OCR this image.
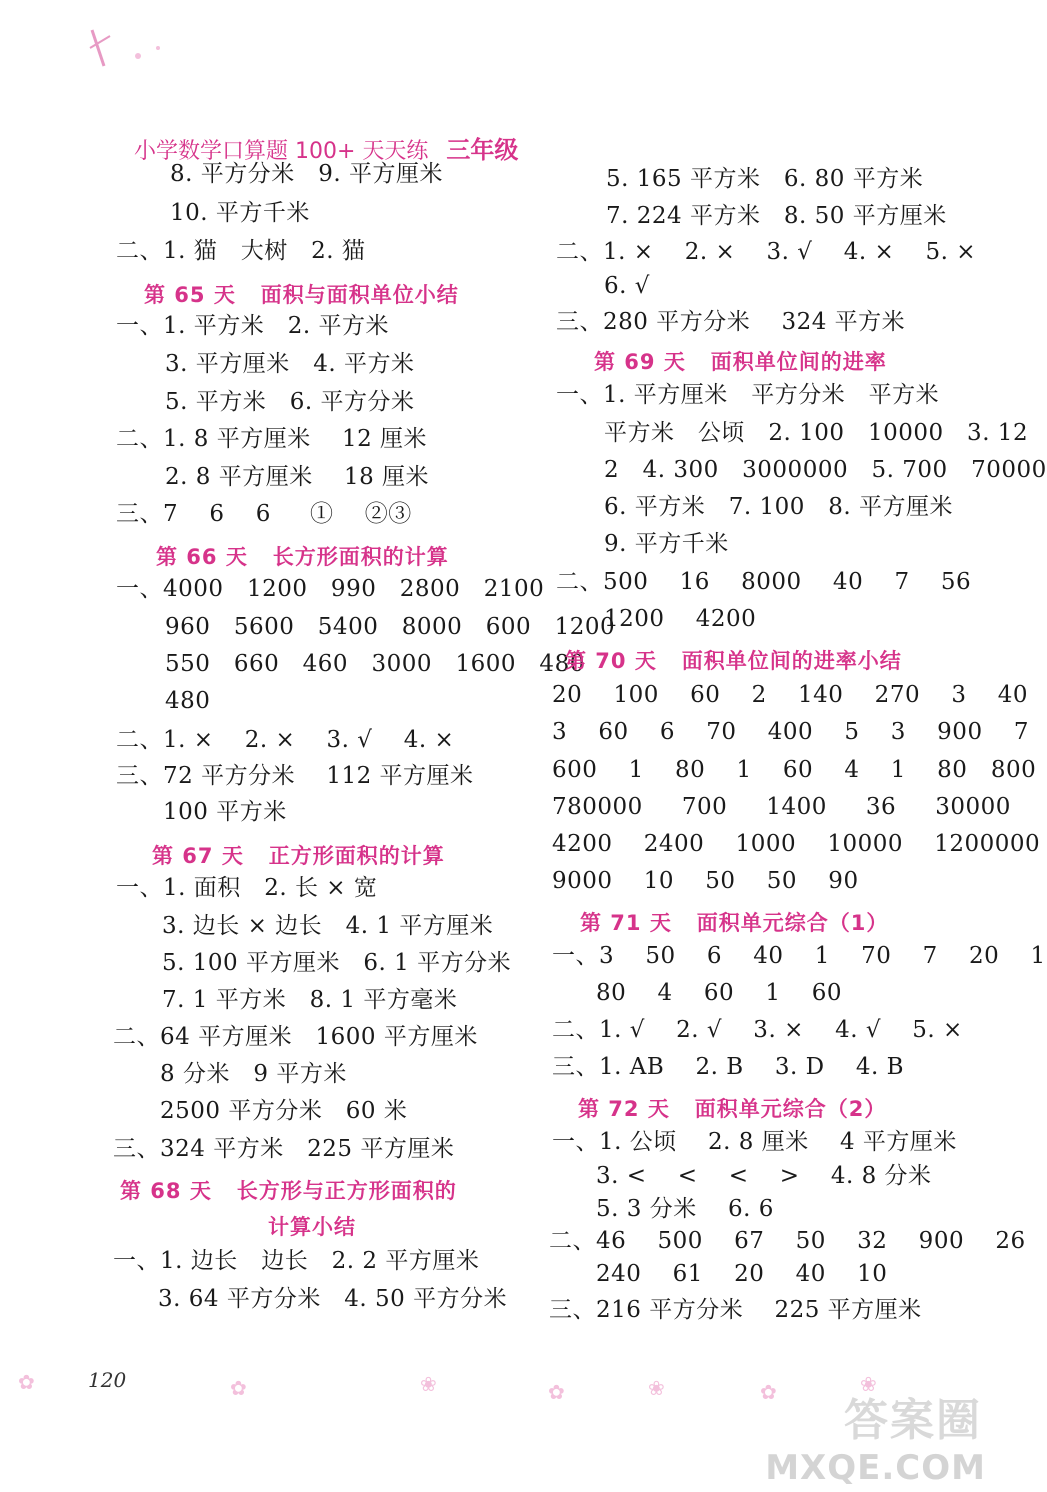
小学数学口算题 100+ 天天练 三年级

8. 平方分米   9. 平方厘米
10. 平方千米
二、1. 猫   大树   2. 猫
第 65 天   面积与面积单位小结
一、1. 平方米   2. 平方米
3. 平方厘米   4. 平方米
5. 平方米   6. 平方分米
二、1. 8 平方厘米    12 厘米
2. 8 平方厘米    18 厘米
三、7    6    6     ①    ②③
第 66 天   长方形面积的计算
一、4000   1200   990   2800   2100
960   5600   5400   8000   600   1200
550   660   460   3000   1600   480
480
二、1. ×    2. ×    3. √    4. ×
三、72 平方分米    112 平方厘米
100 平方米
第 67 天   正方形面积的计算
一、1. 面积   2. 长 × 宽
3. 边长 × 边长   4. 1 平方厘米
5. 100 平方厘米   6. 1 平方分米
7. 1 平方米   8. 1 平方毫米
二、64 平方厘米   1600 平方厘米
8 分米   9 平方米
2500 平方分米   60 米
三、324 平方米   225 平方厘米
第 68 天   长方形与正方形面积的
计算小结
一、1. 边长   边长   2. 2 平方厘米
3. 64 平方分米   4. 50 平方分米
5. 165 平方米   6. 80 平方米
7. 224 平方米   8. 50 平方厘米
二、1. ×    2. ×    3. √    4. ×    5. ×
6. √
三、280 平方分米    324 平方米
第 69 天   面积单位间的进率
一、1. 平方厘米   平方分米   平方米
平方米   公顷   2. 100   10000   3. 12
2   4. 300   3000000   5. 700   70000
6. 平方米   7. 100   8. 平方厘米
9. 平方千米
二、500    16    8000    40    7    56
1200    4200
第 70 天   面积单位间的进率小结
20    100    60    2    140    270    3    40
3    60    6    70    400    5    3    900    7
600    1    80    1    60    4    1    80   800
780000     700     1400     36     30000
4200    2400    1000    10000    1200000
9000    10    50    50    90
第 71 天   面积单元综合（1）
一、3    50    6    40    1    70    7    20    1
80    4    60    1    60
二、1. √    2. √    3. ×    4. √    5. ×
三、1. AB    2. B    3. D    4. B
第 72 天   面积单元综合（2）
一、1. 公顷    2. 8 厘米    4 平方厘米
3. <    <    <    >    4. 8 分米
5. 3 分米    6. 6
二、46    500    67    50    32    900    26
240    61    20    40    10
三、216 平方分米    225 平方厘米
✿	✿	❀	✿	❀	✿	❀
120
答案圈
MXQE.COM
